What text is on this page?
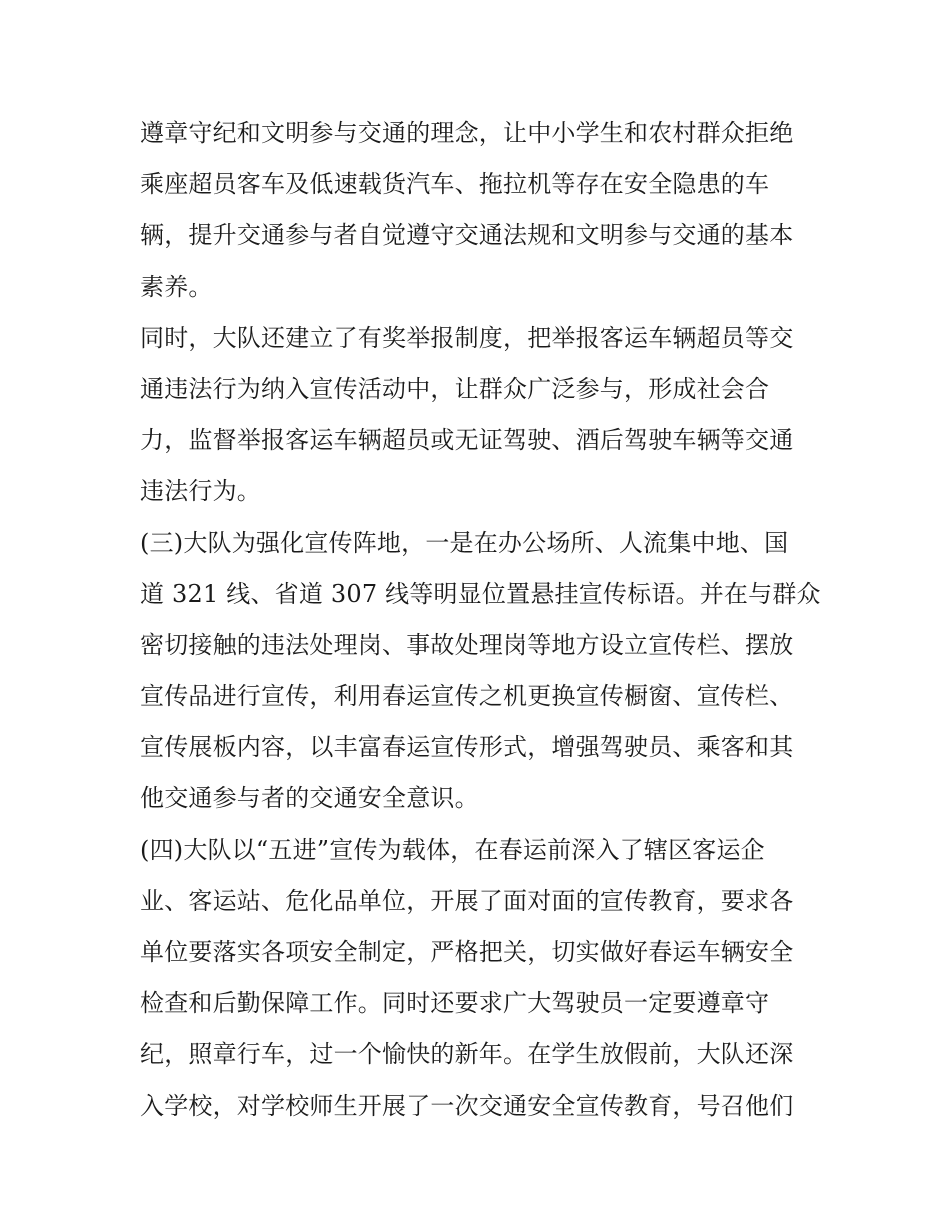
遵章守纪和文明参与交通的理念，让中小学生和农村群众拒绝
乘座超员客车及低速载货汽车、拖拉机等存在安全隐患的车
辆，提升交通参与者自觉遵守交通法规和文明参与交通的基本
素养。
同时，大队还建立了有奖举报制度，把举报客运车辆超员等交
通违法行为纳入宣传活动中，让群众广泛参与，形成社会合
力，监督举报客运车辆超员或无证驾驶、酒后驾驶车辆等交通
违法行为。
(三)大队为强化宣传阵地，一是在办公场所、人流集中地、国
道 321 线、省道 307 线等明显位置悬挂宣传标语。并在与群众
密切接触的违法处理岗、事故处理岗等地方设立宣传栏、摆放
宣传品进行宣传，利用春运宣传之机更换宣传橱窗、宣传栏、
宣传展板内容，以丰富春运宣传形式，增强驾驶员、乘客和其
他交通参与者的交通安全意识。
(四)大队以“五进”宣传为载体，在春运前深入了辖区客运企
业、客运站、危化品单位，开展了面对面的宣传教育，要求各
单位要落实各项安全制定，严格把关，切实做好春运车辆安全
检查和后勤保障工作。同时还要求广大驾驶员一定要遵章守
纪，照章行车，过一个愉快的新年。在学生放假前，大队还深
入学校，对学校师生开展了一次交通安全宣传教育，号召他们
